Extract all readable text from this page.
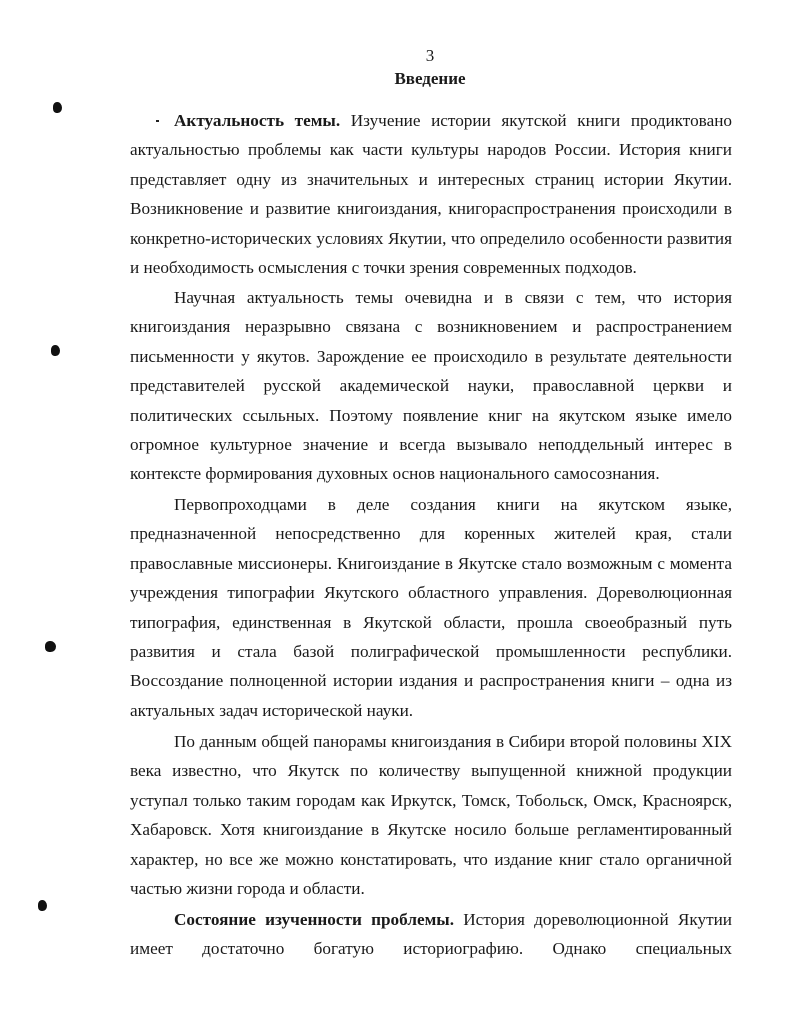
3
Введение

Актуальность темы. Изучение истории якутской книги продиктовано актуальностью проблемы как части культуры народов России. История книги представляет одну из значительных и интересных страниц истории Якутии. Возникновение и развитие книгоиздания, книгораспространения происходили в конкретно-исторических условиях Якутии, что определило особенности развития и необходимость осмысления с точки зрения современных подходов.

Научная актуальность темы очевидна и в связи с тем, что история книгоиздания неразрывно связана с возникновением и распространением письменности у якутов. Зарождение ее происходило в результате деятельности представителей русской академической науки, православной церкви и политических ссыльных. Поэтому появление книг на якутском языке имело огромное культурное значение и всегда вызывало неподдельный интерес в контексте формирования духовных основ национального самосознания.

Первопроходцами в деле создания книги на якутском языке, предназначенной непосредственно для коренных жителей края, стали православные миссионеры. Книгоиздание в Якутске стало возможным с момента учреждения типографии Якутского областного управления. Дореволюционная типография, единственная в Якутской области, прошла своеобразный путь развития и стала базой полиграфической промышленности республики. Воссоздание полноценной истории издания и распространения книги – одна из актуальных задач исторической науки.

По данным общей панорамы книгоиздания в Сибири второй половины XIX века известно, что Якутск по количеству выпущенной книжной продукции уступал только таким городам как Иркутск, Томск, Тобольск, Омск, Красноярск, Хабаровск. Хотя книгоиздание в Якутске носило больше регламентированный характер, но все же можно констатировать, что издание книг стало органичной частью жизни города и области.

Состояние изученности проблемы. История дореволюционной Якутии имеет достаточно богатую историографию. Однако специальных
